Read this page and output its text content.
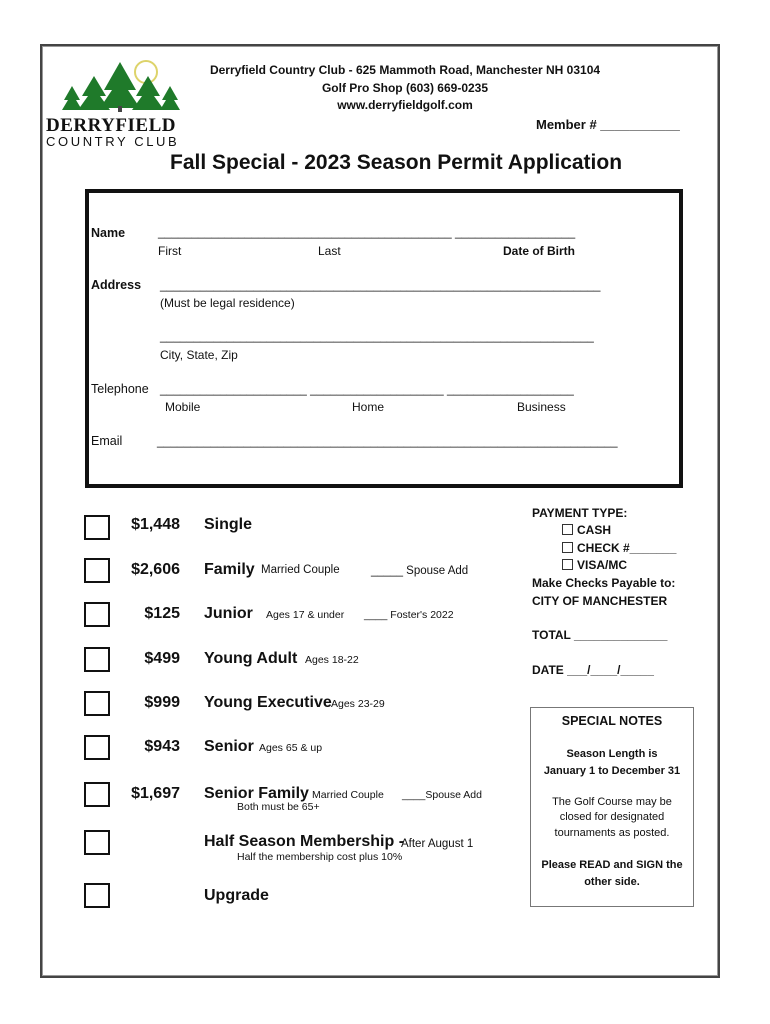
DERRYFIELD
COUNTRY CLUB
Derryfield Country Club - 625 Mammoth Road, Manchester NH 03104
Golf Pro Shop (603) 669-0235
www.derryfieldgolf.com
Member # ___________
Fall Special - 2023 Season Permit Application
Name	____________________________________________ __________________
First	Last	Date of Birth
Address __________________________________________________________________
(Must be legal residence)
_________________________________________________________________
City, State, Zip
Telephone ______________________ ____________________ ___________________
Mobile	Home	Business
Email	_____________________________________________________________________
$1,448 Single
$2,606 Family Married Couple	_____ Spouse Add
$125 Junior Ages 17 & under ____ Foster's 2022
$499 Young Adult Ages 18-22
$999 Young Executive Ages 23-29
$943 Senior Ages 65 & up
$1,697 Senior Family Married Couple ____Spouse Add
Both must be 65+
Half Season Membership -
After August 1
Half the membership cost plus 10%
Upgrade
PAYMENT TYPE:
CASH
CHECK #_______
VISA/MC
Make Checks Payable to:
CITY OF MANCHESTER
TOTAL ______________
DATE ___/____/_____
SPECIAL NOTES
Season Length is
January 1 to December 31
The Golf Course may be
closed for designated
tournaments as posted.
Please READ and SIGN the
other side.
